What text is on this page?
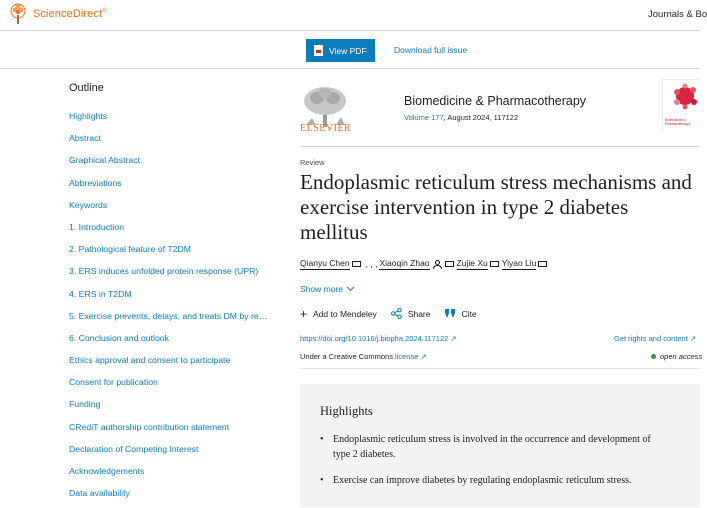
ScienceDirect®	Journals & Bo
View PDF	Download full issue
Outline
Highlights
Abstract
Graphical Abstract
Abbreviations
Keywords
1. Introduction
2. Pathological feature of T2DM
3. ERS induces unfolded protein response (UPR)
4. ERS in T2DM
5. Exercise prevents, delays, and treats DM by re…
6. Conclusion and outlook
Ethics approval and consent to participate
Consent for publication
Funding
CRediT authorship contribution statement
Declaration of Competing Interest
Acknowledgements
Data availability
ELSEVIER
Biomedicine & Pharmacotherapy
Volume 177, August 2024, 117122	Biomedicine & Pharmacotherapy
Review
Endoplasmic reticulum stress mechanisms and exercise intervention in type 2 diabetes mellitus
Qianyu Chen , , , Xiaoqin Zhao	Zujie Xu Yiyao Liu
Show more
+ Add to Mendeley	Share	Cite
https://doi.org/10.1016/j.biopha.2024.117122 ↗	Get rights and content ↗
Under a Creative Commons license ↗	open access
Highlights
• Endoplasmic reticulum stress is involved in the occurrence and development of type 2 diabetes.
• Exercise can improve diabetes by regulating endoplasmic reticulum stress.
